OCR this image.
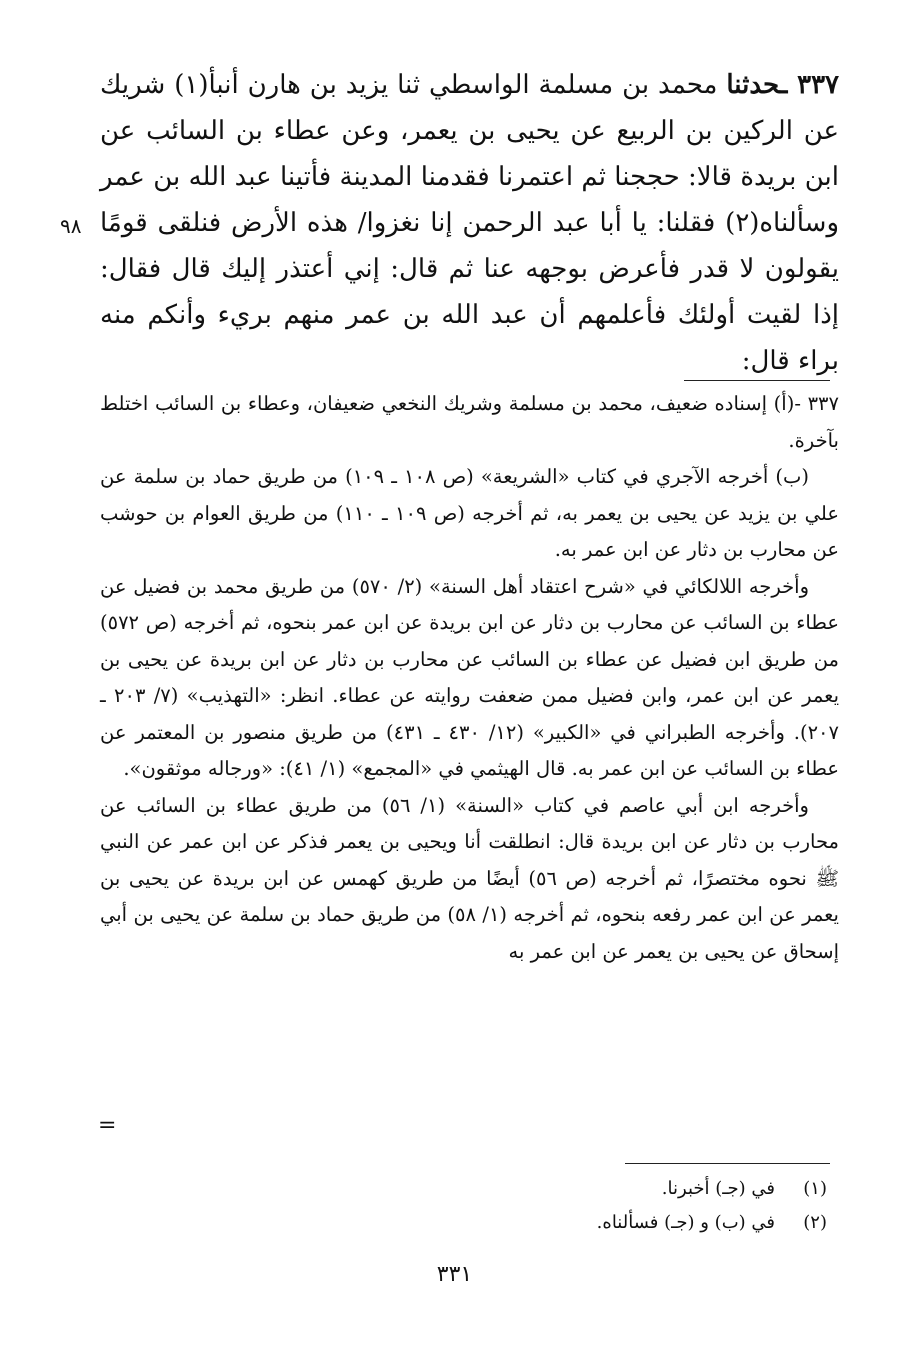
٣٣٧ ـحدثنا محمد بن مسلمة الواسطي ثنا يزيد بن هارن أنبأ(١) شريك عن الركين بن الربيع عن يحيى بن يعمر، وعن عطاء بن السائب عن ابن بريدة قالا: حججنا ثم اعتمرنا فقدمنا المدينة فأتينا عبد الله بن عمر وسألناه(٢) فقلنا: يا أبا عبد الرحمن إنا نغزوا/ هذه الأرض فنلقى قومًا يقولون لا قدر فأعرض بوجهه عنا ثم قال: إني أعتذر إليك قال فقال: إذا لقيت أولئك فأعلمهم أن عبد الله بن عمر منهم بريء وأنكم منه براء قال:

٩٨

٣٣٧ -(أ) إسناده ضعيف، محمد بن مسلمة وشريك النخعي ضعيفان، وعطاء بن السائب اختلط بآخرة.

(ب) أخرجه الآجري في كتاب «الشريعة» (ص ١٠٨ ـ ١٠٩) من طريق حماد بن سلمة عن علي بن يزيد عن يحيى بن يعمر به، ثم أخرجه (ص ١٠٩ ـ ١١٠) من طريق العوام بن حوشب عن محارب بن دثار عن ابن عمر به.

وأخرجه اللالكائي في «شرح اعتقاد أهل السنة» (٢/ ٥٧٠) من طريق محمد بن فضيل عن عطاء بن السائب عن محارب بن دثار عن ابن بريدة عن ابن عمر بنحوه، ثم أخرجه (ص ٥٧٢) من طريق ابن فضيل عن عطاء بن السائب عن محارب بن دثار عن ابن بريدة عن يحيى بن يعمر عن ابن عمر، وابن فضيل ممن ضعفت روايته عن عطاء. انظر: «التهذيب» (٧/ ٢٠٣ ـ ٢٠٧). وأخرجه الطبراني في «الكبير» (١٢/ ٤٣٠ ـ ٤٣١) من طريق منصور بن المعتمر عن عطاء بن السائب عن ابن عمر به. قال الهيثمي في «المجمع» (١/ ٤١): «ورجاله موثقون».

وأخرجه ابن أبي عاصم في كتاب «السنة» (١/ ٥٦) من طريق عطاء بن السائب عن محارب بن دثار عن ابن بريدة قال: انطلقت أنا ويحيى بن يعمر فذكر عن ابن عمر عن النبي ﷺ نحوه مختصرًا، ثم أخرجه (ص ٥٦) أيضًا من طريق كهمس عن ابن بريدة عن يحيى بن يعمر عن ابن عمر رفعه بنحوه، ثم أخرجه (١/ ٥٨) من طريق حماد بن سلمة عن يحيى بن أبي إسحاق عن يحيى بن يعمر عن ابن عمر به

=
(١)
في (جـ) أخبرنا.
(٢)
في (ب) و (جـ) فسألناه.
٣٣١
